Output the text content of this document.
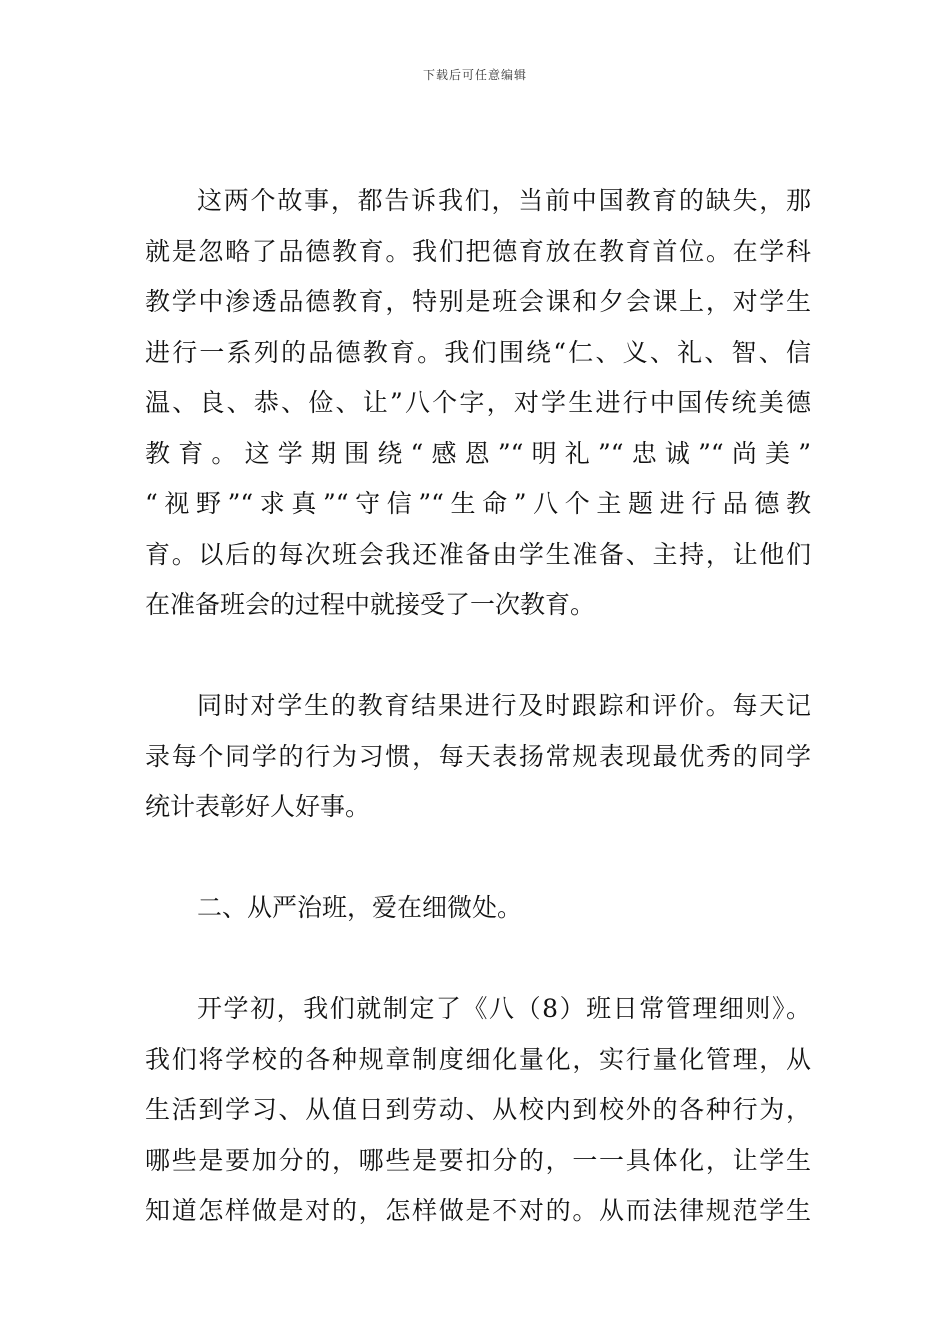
下载后可任意编辑
这两个故事，都告诉我们，当前中国教育的缺失，那
就是忽略了品德教育。我们把德育放在教育首位。在学科
教学中渗透品德教育，特别是班会课和夕会课上，对学生
进行一系列的品德教育。我们围绕“仁、义、礼、智、信
温、良、恭、俭、让”八个字，对学生进行中国传统美德
教育。这学期围绕“感恩”“明礼”“忠诚”“尚美”
“视野”“求真”“守信”“生命”八个主题进行品德教
育。以后的每次班会我还准备由学生准备、主持，让他们
在准备班会的过程中就接受了一次教育。
同时对学生的教育结果进行及时跟踪和评价。每天记
录每个同学的行为习惯，每天表扬常规表现最优秀的同学
统计表彰好人好事。
二、从严治班，爱在细微处。
开学初，我们就制定了《八（8）班日常管理细则》。
我们将学校的各种规章制度细化量化，实行量化管理，从
生活到学习、从值日到劳动、从校内到校外的各种行为，
哪些是要加分的，哪些是要扣分的，一一具体化，让学生
知道怎样做是对的，怎样做是不对的。从而法律规范学生
